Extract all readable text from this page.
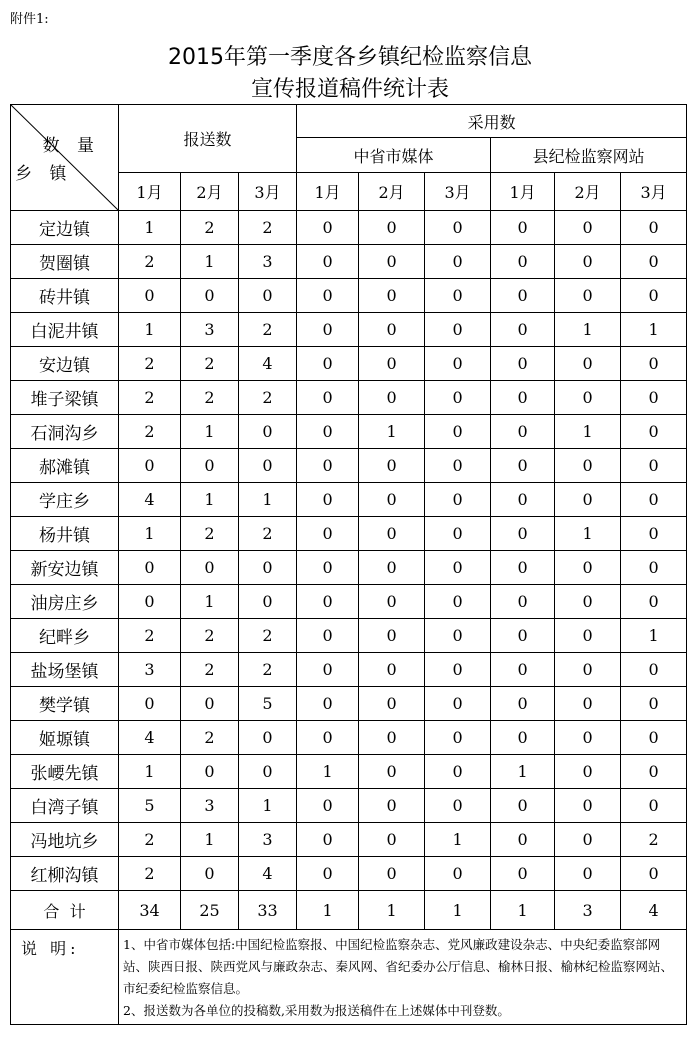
附件1:
2015年第一季度各乡镇纪检监察信息
宣传报道稿件统计表
数 量
乡 镇	报送数			采用数					
				中省市媒体			县纪检监察网站		
	1月	2月	3月	1月	2月	3月	1月	2月	3月
定边镇	1	2	2	0	0	0	0	0	0
贺圈镇	2	1	3	0	0	0	0	0	0
砖井镇	0	0	0	0	0	0	0	0	0
白泥井镇	1	3	2	0	0	0	0	1	1
安边镇	2	2	4	0	0	0	0	0	0
堆子梁镇	2	2	2	0	0	0	0	0	0
石洞沟乡	2	1	0	0	1	0	0	1	0
郝滩镇	0	0	0	0	0	0	0	0	0
学庄乡	4	1	1	0	0	0	0	0	0
杨井镇	1	2	2	0	0	0	0	1	0
新安边镇	0	0	0	0	0	0	0	0	0
油房庄乡	0	1	0	0	0	0	0	0	0
纪畔乡	2	2	2	0	0	0	0	0	1
盐场堡镇	3	2	2	0	0	0	0	0	0
樊学镇	0	0	5	0	0	0	0	0	0
姬塬镇	4	2	0	0	0	0	0	0	0
张崾先镇	1	0	0	1	0	0	1	0	0
白湾子镇	5	3	1	0	0	0	0	0	0
冯地坑乡	2	1	3	0	0	1	0	0	2
红柳沟镇	2	0	4	0	0	0	0	0	0
合  计	34	25	33	1	1	1	1	3	4
说 明:	1、中省市媒体包括:中国纪检监察报、中国纪检监察杂志、党风廉政建设杂志、中央纪委监察部网站、陕西日报、陕西党风与廉政杂志、秦风网、省纪委办公厅信息、榆林日报、榆林纪检监察网站、市纪委纪检监察信息。
2、报送数为各单位的投稿数,采用数为报送稿件在上述媒体中刊登数。								
